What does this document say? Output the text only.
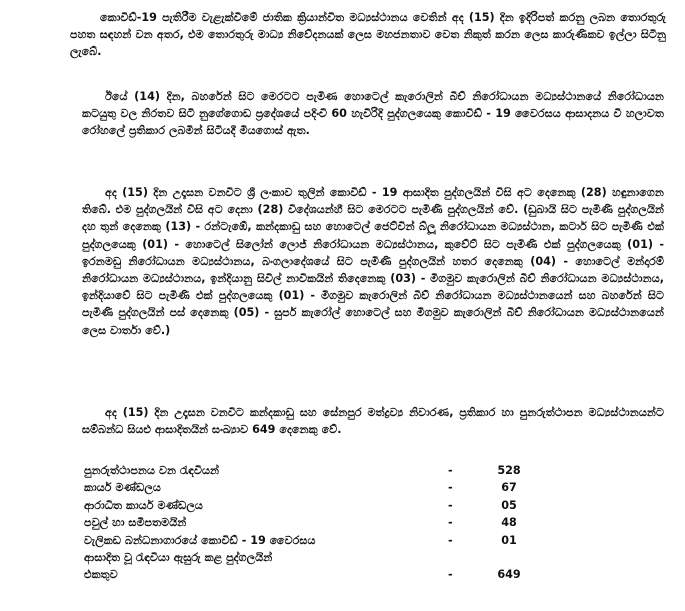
කොවිඩ්-19 පැතිරීම වැළැක්වීමේ ජාතික ක්‍රියාන්විත මධ්‍යස්ථානය වෙතින් අද (15) දින ඉදිරිපත් කරනු ලබන තොරතුරු පහත සඳහන් වන අතර, එම තොරතුරු මාධ්‍ය නිවේදනයක් ලෙස මහජනතාව වෙත නිකුත් කරන ලෙස කාරුණිකව ඉල්ලා සිටිනු ලැබේ.

ඊයේ (14) දින, බහරේන් සිට මෙරටට පැමිණ හොටෙල් කැරොලින් බීච් නිරෝධායන මධ්‍යස්ථානයේ නිරෝධායන කටයුතු වල නිරතව සිටි නුගේගොඩ ප්‍රදේශයේ පදිංචි 60 හැවිරිදි පුද්ගලයෙකු කොවිඩ් - 19 වෛරසය ආසාදනය වී හලාවත රෝහලේ ප්‍රතිකාර ලබමින් සිටියදී මියගොස් ඇත.

අද (15) දින උදෑසන වනවිට ශ්‍රී ලංකාව තුලින් කොවිඩ් - 19 ආසාදිත පුද්ගලයින් විසි අට දෙනෙකු (28) හඳුනාගෙන තිබේ. එම පුද්ගලයින් විසි අට දෙනා (28) විදේශයන්හී සිට මෙරටට පැමිණි පුද්ගලයින් වේ. (ඩුබායි සිට පැමිණි පුද්ගලයින් දහ තුන් දෙනෙකු (13) - රන්ටැඹේ, කන්දකාඩු සහ හොටෙල් ජෙට්වින් බ්ලූ නිරෝධායන මධ්‍යස්ථාන, කටාර් සිට පැමිණි එක් පුද්ගලයෙකු (01) - හොටෙල් සිලෝන් ලොජ් නිරෝධායන මධ්‍යස්ථානය, කුවේට් සිට පැමිණි එක් පුද්ගලයෙකු (01) - ඉරනමඩු නිරෝධායන මධ්‍යස්ථානය, බංගලාදේශයේ සිට පැමිණි පුද්ගලයින් හතර දෙනෙකු (04) - හොටෙල් මන්දාරම් නිරෝධායන මධ්‍යස්ථානය, ඉන්දියානු සිවිල් නාවිකයින් තිදෙනෙකු (03) - මීගමුව කැරොලින් බීච් නිරෝධායන මධ්‍යස්ථානය, ඉන්දියාවේ සිට පැමිණි එක් පුද්ගලයෙකු (01) - මීගමුව කැරොලින් බීච් නිරෝධායන මධ්‍යස්ථානයෙන් සහ බහරේන් සිට පැමිණි පුද්ගලයින් පස් දෙනෙකු (05) - සුපර් කැරෝල් හොටෙල් සහ මීගමුව කැරොලින් බීච් නිරෝධායන මධ්‍යස්ථානයෙන් ලෙස වාර්තා වේ.)

අද (15) දින උදෑසන වනවිට කන්දකාඩු සහ සේනපුර මත්ද්‍රව්‍ය නිවාරණ, ප්‍රතිකාර හා පුනරුත්ථාපන මධ්‍යස්ථානයන්ට සම්බන්ධ සියළු ආසාදිතයින් සංඛ්‍යාව 649 දෙනෙකු වේ.

පුනරුත්ථාපනය වන රැඳවියන්	-	528
කාර්ය මණ්ඩලය	-	67
ආරාධිත කාර්ය මණ්ඩලය	-	05
පවුල් හා සමීපතමයින්	-	48
වැලිකඩ බන්ධනාගාරයේ කොවිඩ් - 19 වෛරසය	-	01
ආසාදිත වූ රැඳවියා ඇසුරු කළ පුද්ගලයින්
එකතුව	-	649
